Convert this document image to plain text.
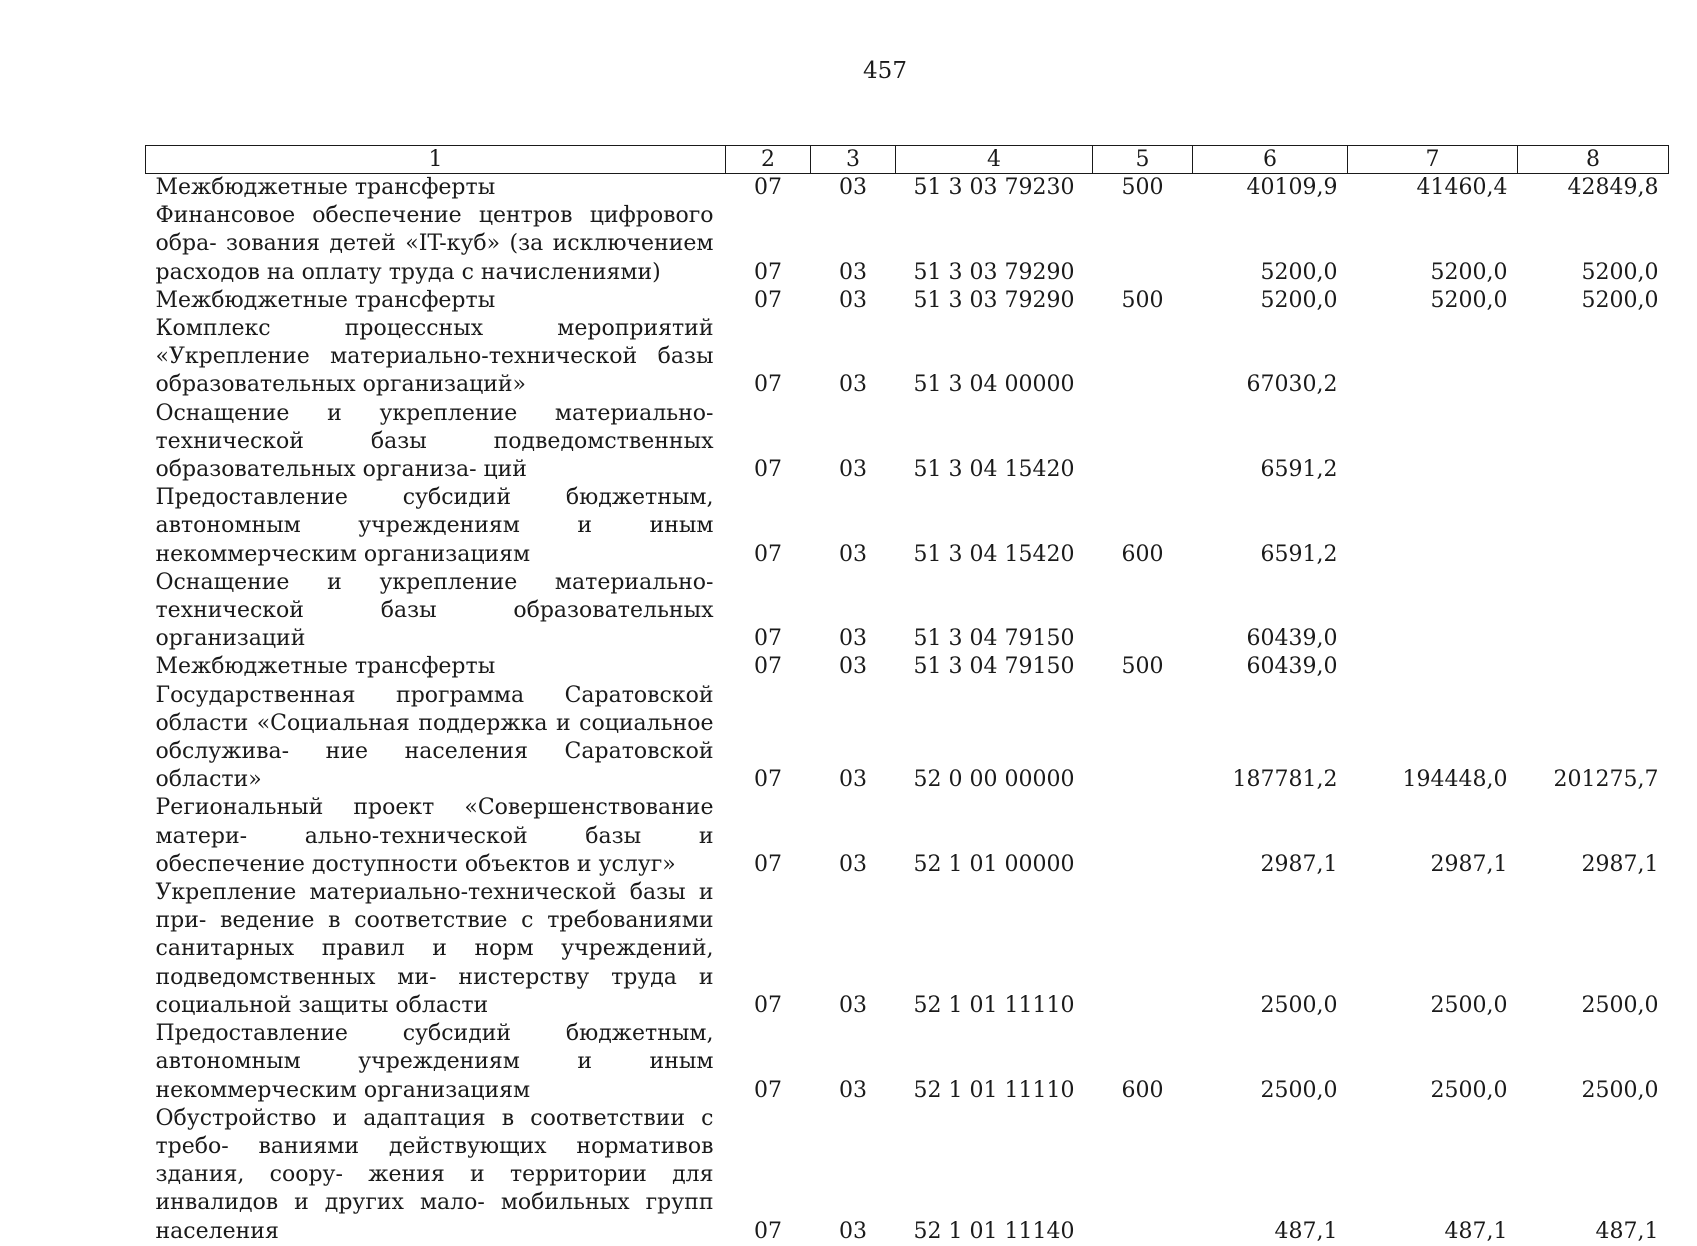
457
1	2	3	4	5	6	7	8
Межбюджетные трансферты	07	03	51 3 03 79230	500	40109,9	41460,4	42849,8
Финансовое обеспечение центров цифрового обра- зования детей «IT-куб» (за исключением расходов на оплату труда с начислениями)	07	03	51 3 03 79290		5200,0	5200,0	5200,0
Межбюджетные трансферты	07	03	51 3 03 79290	500	5200,0	5200,0	5200,0
Комплекс процессных мероприятий «Укрепление материально-технической базы образовательных организаций»	07	03	51 3 04 00000		67030,2		
Оснащение и укрепление материально-технической базы подведомственных образовательных организа- ций	07	03	51 3 04 15420		6591,2		
Предоставление субсидий бюджетным, автономным учреждениям и иным некоммерческим организациям	07	03	51 3 04 15420	600	6591,2		
Оснащение и укрепление материально-технической базы образовательных организаций	07	03	51 3 04 79150		60439,0		
Межбюджетные трансферты	07	03	51 3 04 79150	500	60439,0		
Государственная программа Саратовской области «Социальная поддержка и социальное обслужива- ние населения Саратовской области»	07	03	52 0 00 00000		187781,2	194448,0	201275,7
Региональный проект «Совершенствование матери- ально-технической базы и обеспечение доступности объектов и услуг»	07	03	52 1 01 00000		2987,1	2987,1	2987,1
Укрепление материально-технической базы и при- ведение в соответствие с требованиями санитарных правил и норм учреждений, подведомственных ми- нистерству труда и социальной защиты области	07	03	52 1 01 11110		2500,0	2500,0	2500,0
Предоставление субсидий бюджетным, автономным учреждениям и иным некоммерческим организациям	07	03	52 1 01 11110	600	2500,0	2500,0	2500,0
Обустройство и адаптация в соответствии с требо- ваниями действующих нормативов здания, соору- жения и территории для инвалидов и других мало- мобильных групп населения	07	03	52 1 01 11140		487,1	487,1	487,1
